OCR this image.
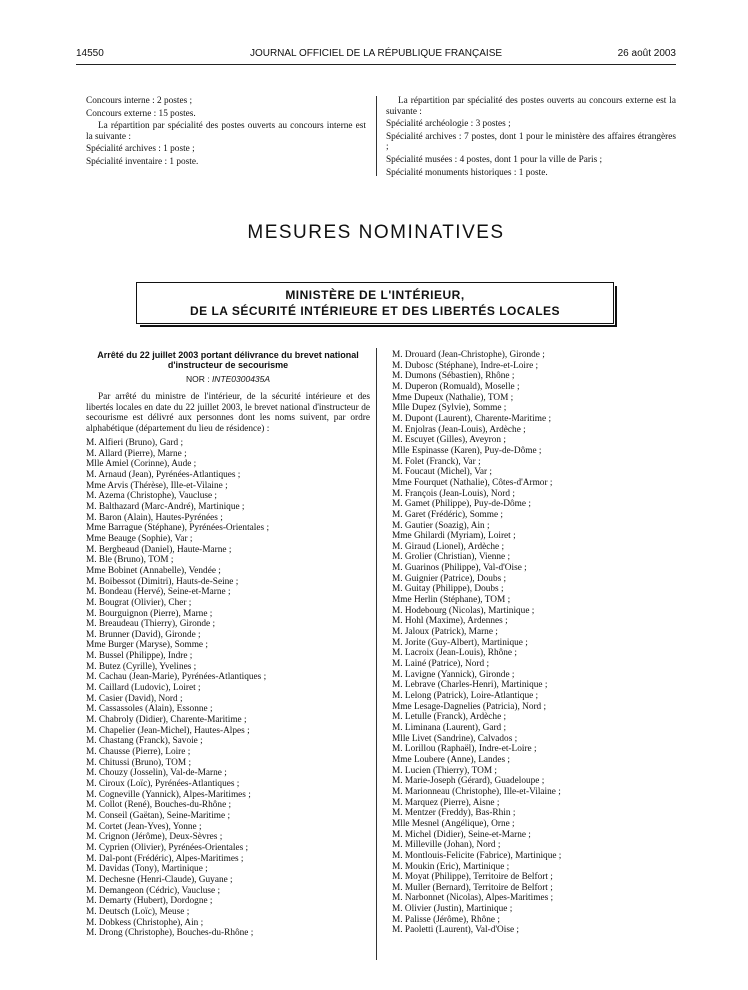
14550	JOURNAL OFFICIEL DE LA RÉPUBLIQUE FRANÇAISE	26 août 2003

Concours interne : 2 postes ;

Concours externe : 15 postes.

La répartition par spécialité des postes ouverts au concours interne est la suivante :

Spécialité archives : 1 poste ;

Spécialité inventaire : 1 poste.

La répartition par spécialité des postes ouverts au concours externe est la suivante :

Spécialité archéologie : 3 postes ;

Spécialité archives : 7 postes, dont 1 pour le ministère des affaires étrangères ;

Spécialité musées : 4 postes, dont 1 pour la ville de Paris ;

Spécialité monuments historiques : 1 poste.

MESURES NOMINATIVES
MINISTÈRE DE L'INTÉRIEUR,
DE LA SÉCURITÉ INTÉRIEURE ET DES LIBERTÉS LOCALES
Arrêté du 22 juillet 2003 portant délivrance du brevet national d'instructeur de secourisme
NOR : INTE0300435A

Par arrêté du ministre de l'intérieur, de la sécurité intérieure et des libertés locales en date du 22 juillet 2003, le brevet national d'instructeur de secourisme est délivré aux personnes dont les noms suivent, par ordre alphabétique (département du lieu de résidence) :

M. Alfieri (Bruno), Gard ;
M. Allard (Pierre), Marne ;
Mlle Amiel (Corinne), Aude ;
M. Arnaud (Jean), Pyrénées-Atlantiques ;
Mme Arvis (Thérèse), Ille-et-Vilaine ;
M. Azema (Christophe), Vaucluse ;
M. Balthazard (Marc-André), Martinique ;
M. Baron (Alain), Hautes-Pyrénées ;
Mme Barrague (Stéphane), Pyrénées-Orientales ;
Mme Beauge (Sophie), Var ;
M. Bergbeaud (Daniel), Haute-Marne ;
M. Ble (Bruno), TOM ;
Mme Bobinet (Annabelle), Vendée ;
M. Boibessot (Dimitri), Hauts-de-Seine ;
M. Bondeau (Hervé), Seine-et-Marne ;
M. Bougrat (Olivier), Cher ;
M. Bourguignon (Pierre), Marne ;
M. Breaudeau (Thierry), Gironde ;
M. Brunner (David), Gironde ;
Mme Burger (Maryse), Somme ;
M. Bussel (Philippe), Indre ;
M. Butez (Cyrille), Yvelines ;
M. Cachau (Jean-Marie), Pyrénées-Atlantiques ;
M. Caillard (Ludovic), Loiret ;
M. Casier (David), Nord ;
M. Cassassoles (Alain), Essonne ;
M. Chabroly (Didier), Charente-Maritime ;
M. Chapelier (Jean-Michel), Hautes-Alpes ;
M. Chastang (Franck), Savoie ;
M. Chausse (Pierre), Loire ;
M. Chitussi (Bruno), TOM ;
M. Chouzy (Josselin), Val-de-Marne ;
M. Ciroux (Loïc), Pyrénées-Atlantiques ;
M. Cogneville (Yannick), Alpes-Maritimes ;
M. Collot (René), Bouches-du-Rhône ;
M. Conseil (Gaëtan), Seine-Maritime ;
M. Cortet (Jean-Yves), Yonne ;
M. Crignon (Jérôme), Deux-Sèvres ;
M. Cyprien (Olivier), Pyrénées-Orientales ;
M. Dal-pont (Frédéric), Alpes-Maritimes ;
M. Davidas (Tony), Martinique ;
M. Dechesne (Henri-Claude), Guyane ;
M. Demangeon (Cédric), Vaucluse ;
M. Demarty (Hubert), Dordogne ;
M. Deutsch (Loïc), Meuse ;
M. Dobkess (Christophe), Ain ;
M. Drong (Christophe), Bouches-du-Rhône ;
M. Drouard (Jean-Christophe), Gironde ;
M. Dubosc (Stéphane), Indre-et-Loire ;
M. Dumons (Sébastien), Rhône ;
M. Duperon (Romuald), Moselle ;
Mme Dupeux (Nathalie), TOM ;
Mlle Dupez (Sylvie), Somme ;
M. Dupont (Laurent), Charente-Maritime ;
M. Enjolras (Jean-Louis), Ardèche ;
M. Escuyet (Gilles), Aveyron ;
Mlle Espinasse (Karen), Puy-de-Dôme ;
M. Folet (Franck), Var ;
M. Foucaut (Michel), Var ;
Mme Fourquet (Nathalie), Côtes-d'Armor ;
M. François (Jean-Louis), Nord ;
M. Gamet (Philippe), Puy-de-Dôme ;
M. Garet (Frédéric), Somme ;
M. Gautier (Soazig), Ain ;
Mme Ghilardi (Myriam), Loiret ;
M. Giraud (Lionel), Ardèche ;
M. Grolier (Christian), Vienne ;
M. Guarinos (Philippe), Val-d'Oise ;
M. Guignier (Patrice), Doubs ;
M. Guitay (Philippe), Doubs ;
Mme Herlin (Stéphane), TOM ;
M. Hodebourg (Nicolas), Martinique ;
M. Hohl (Maxime), Ardennes ;
M. Jaloux (Patrick), Marne ;
M. Jorite (Guy-Albert), Martinique ;
M. Lacroix (Jean-Louis), Rhône ;
M. Lainé (Patrice), Nord ;
M. Lavigne (Yannick), Gironde ;
M. Lebrave (Charles-Henri), Martinique ;
M. Lelong (Patrick), Loire-Atlantique ;
Mme Lesage-Dagnelies (Patricia), Nord ;
M. Letulle (Franck), Ardèche ;
M. Liminana (Laurent), Gard ;
Mlle Livet (Sandrine), Calvados ;
M. Lorillou (Raphaël), Indre-et-Loire ;
Mme Loubere (Anne), Landes ;
M. Lucien (Thierry), TOM ;
M. Marie-Joseph (Gérard), Guadeloupe ;
M. Marionneau (Christophe), Ille-et-Vilaine ;
M. Marquez (Pierre), Aisne ;
M. Mentzer (Freddy), Bas-Rhin ;
Mlle Mesnel (Angélique), Orne ;
M. Michel (Didier), Seine-et-Marne ;
M. Milleville (Johan), Nord ;
M. Montlouis-Felicite (Fabrice), Martinique ;
M. Moukin (Eric), Martinique ;
M. Moyat (Philippe), Territoire de Belfort ;
M. Muller (Bernard), Territoire de Belfort ;
M. Narbonnet (Nicolas), Alpes-Maritimes ;
M. Olivier (Justin), Martinique ;
M. Palisse (Jérôme), Rhône ;
M. Paoletti (Laurent), Val-d'Oise ;
